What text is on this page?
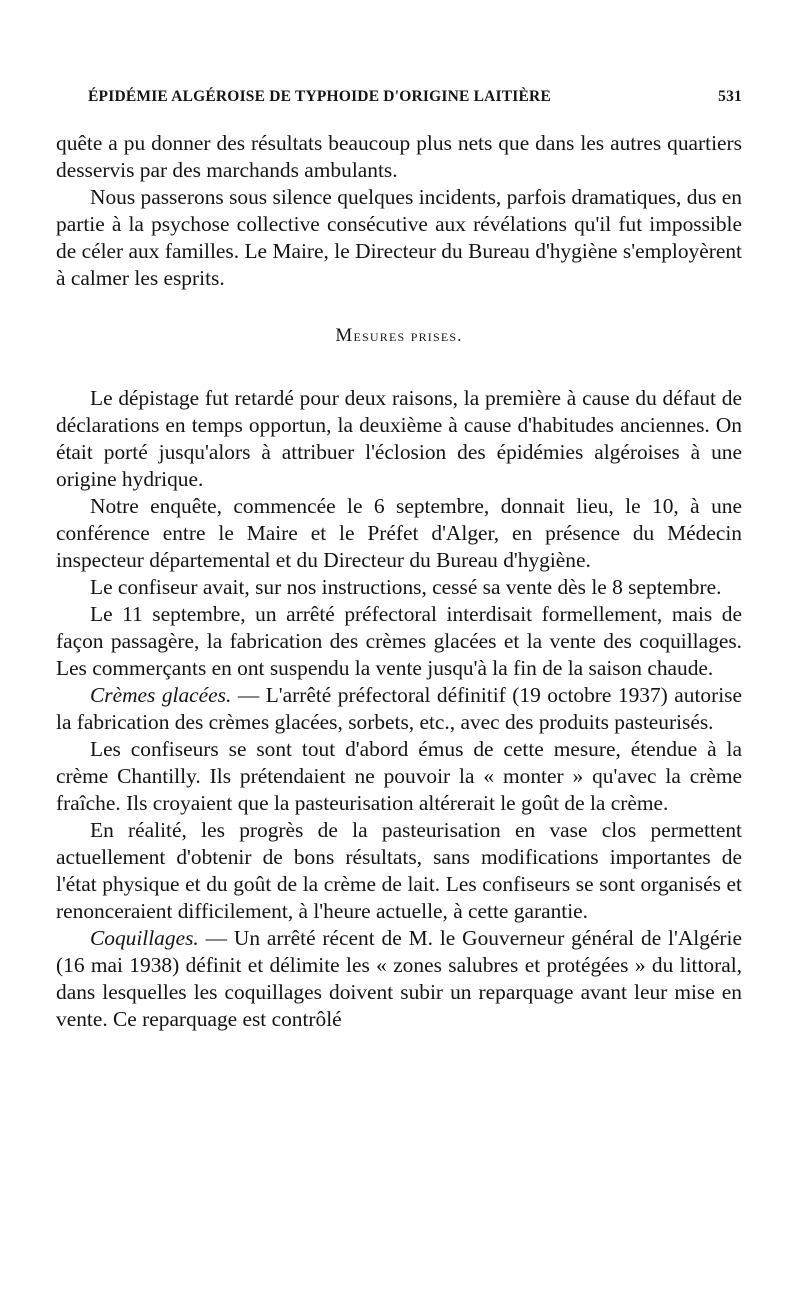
ÉPIDÉMIE ALGÉROISE DE TYPHOIDE D'ORIGINE LAITIÈRE	531

quête a pu donner des résultats beaucoup plus nets que dans les autres quartiers desservis par des marchands ambulants.

Nous passerons sous silence quelques incidents, parfois dramatiques, dus en partie à la psychose collective consécutive aux révélations qu'il fut impossible de céler aux familles. Le Maire, le Directeur du Bureau d'hygiène s'employèrent à calmer les esprits.

Mesures prises.

Le dépistage fut retardé pour deux raisons, la première à cause du défaut de déclarations en temps opportun, la deuxième à cause d'habitudes anciennes. On était porté jusqu'alors à attribuer l'éclosion des épidémies algéroises à une origine hydrique.

Notre enquête, commencée le 6 septembre, donnait lieu, le 10, à une conférence entre le Maire et le Préfet d'Alger, en présence du Médecin inspecteur départemental et du Directeur du Bureau d'hygiène.

Le confiseur avait, sur nos instructions, cessé sa vente dès le 8 septembre.

Le 11 septembre, un arrêté préfectoral interdisait formellement, mais de façon passagère, la fabrication des crèmes glacées et la vente des coquillages. Les commerçants en ont suspendu la vente jusqu'à la fin de la saison chaude.

Crèmes glacées. — L'arrêté préfectoral définitif (19 octobre 1937) autorise la fabrication des crèmes glacées, sorbets, etc., avec des produits pasteurisés.

Les confiseurs se sont tout d'abord émus de cette mesure, étendue à la crème Chantilly. Ils prétendaient ne pouvoir la « monter » qu'avec la crème fraîche. Ils croyaient que la pasteurisation altérerait le goût de la crème.

En réalité, les progrès de la pasteurisation en vase clos permettent actuellement d'obtenir de bons résultats, sans modifications importantes de l'état physique et du goût de la crème de lait. Les confiseurs se sont organisés et renonceraient difficilement, à l'heure actuelle, à cette garantie.

Coquillages. — Un arrêté récent de M. le Gouverneur général de l'Algérie (16 mai 1938) définit et délimite les « zones salubres et protégées » du littoral, dans lesquelles les coquillages doivent subir un reparquage avant leur mise en vente. Ce reparquage est contrôlé
